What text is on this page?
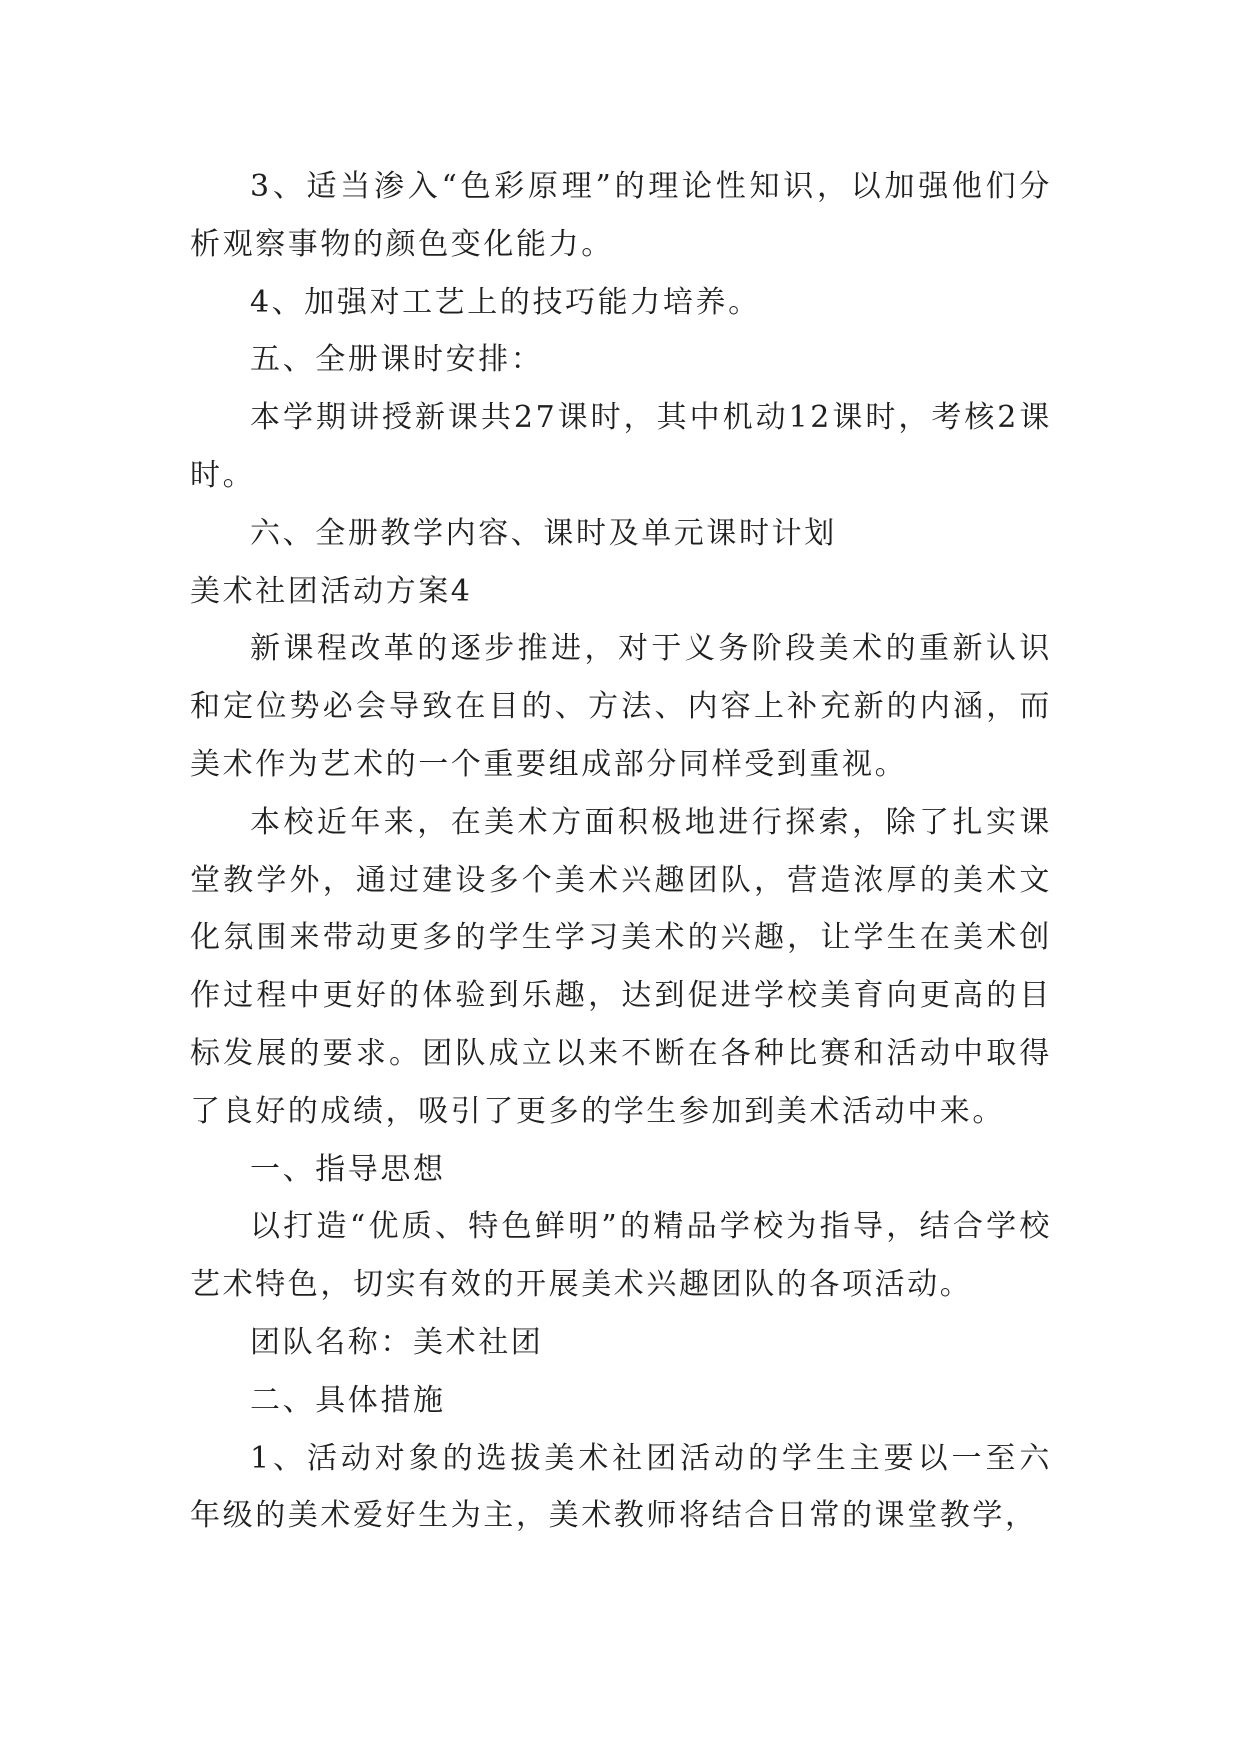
3、适当渗入“色彩原理”的理论性知识，以加强他们分析观察事物的颜色变化能力。

4、加强对工艺上的技巧能力培养。

五、全册课时安排：

本学期讲授新课共27课时，其中机动12课时，考核2课时。

六、全册教学内容、课时及单元课时计划

美术社团活动方案4

新课程改革的逐步推进，对于义务阶段美术的重新认识和定位势必会导致在目的、方法、内容上补充新的内涵，而美术作为艺术的一个重要组成部分同样受到重视。

本校近年来，在美术方面积极地进行探索，除了扎实课堂教学外，通过建设多个美术兴趣团队，营造浓厚的美术文化氛围来带动更多的学生学习美术的兴趣，让学生在美术创作过程中更好的体验到乐趣，达到促进学校美育向更高的目标发展的要求。团队成立以来不断在各种比赛和活动中取得了良好的成绩，吸引了更多的学生参加到美术活动中来。

一、指导思想

以打造“优质、特色鲜明”的精品学校为指导，结合学校艺术特色，切实有效的开展美术兴趣团队的各项活动。

团队名称：美术社团

二、具体措施

1、活动对象的选拔美术社团活动的学生主要以一至六年级的美术爱好生为主，美术教师将结合日常的课堂教学，
